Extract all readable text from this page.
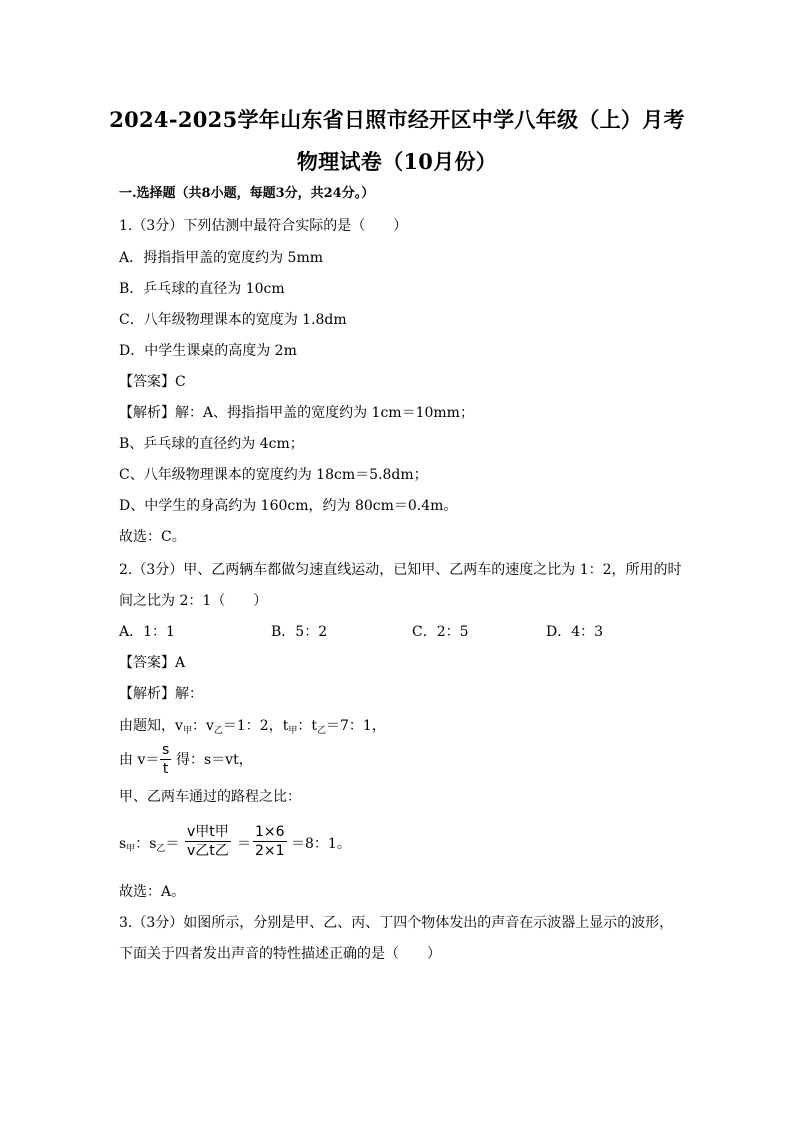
2024-2025学年山东省日照市经开区中学八年级（上）月考
物理试卷（10月份）
一.选择题（共8小题，每题3分，共24分。）
1.（3分）下列估测中最符合实际的是（　　）
A．拇指指甲盖的宽度约为 5mm
B．乒乓球的直径为 10cm
C．八年级物理课本的宽度为 1.8dm
D．中学生课桌的高度为 2m
【答案】C
【解析】解：A、拇指指甲盖的宽度约为 1cm＝10mm；
B、乒乓球的直径约为 4cm；
C、八年级物理课本的宽度约为 18cm＝5.8dm；
D、中学生的身高约为 160cm，约为 80cm＝0.4m。
故选：C。
2.（3分）甲、乙两辆车都做匀速直线运动，已知甲、乙两车的速度之比为 1：2，所用的时
间之比为 2：1（　　）
A．1：1	B．5：2	C．2：5	D．4：3
【答案】A
【解析】解：
由题知，$v_甲$：$v_乙=1$：2，$t_甲$：$t_乙=7$：1，
由 $v= \frac{s}{t}$ 得：s＝vt，
甲、乙两车通过的路程之比：
$s_甲$：$s_乙=$
v甲t甲
v乙t乙 ＝ $\frac{1\times 6}{2\times 1} =8$：1。
故选：A。
3.（3分）如图所示，分别是甲、乙、丙、丁四个物体发出的声音在示波器上显示的波形，
下面关于四者发出声音的特性描述正确的是（　　）
